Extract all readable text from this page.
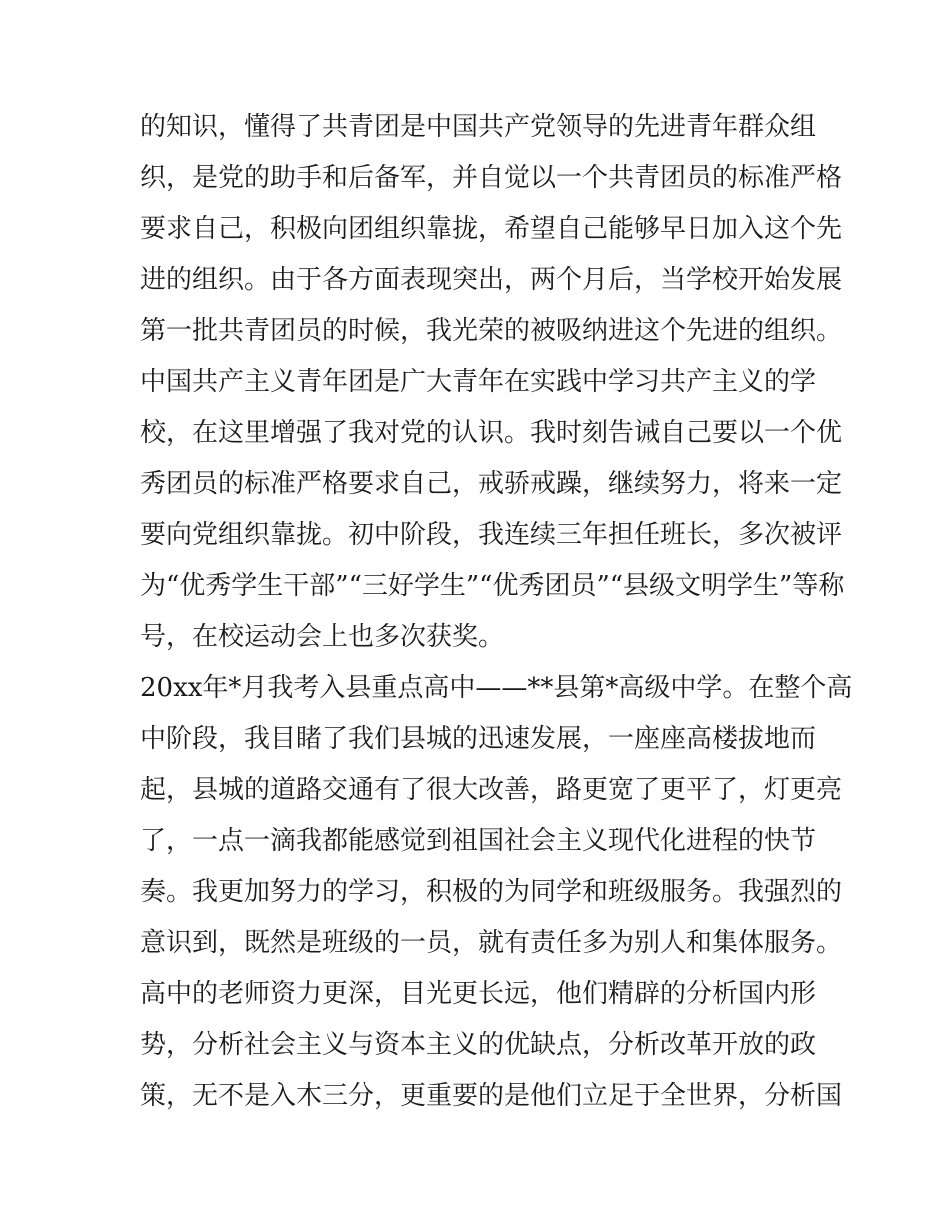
的知识，懂得了共青团是中国共产党领导的先进青年群众组
织，是党的助手和后备军，并自觉以一个共青团员的标准严格
要求自己，积极向团组织靠拢，希望自己能够早日加入这个先
进的组织。由于各方面表现突出，两个月后，当学校开始发展
第一批共青团员的时候，我光荣的被吸纳进这个先进的组织。
中国共产主义青年团是广大青年在实践中学习共产主义的学
校，在这里增强了我对党的认识。我时刻告诫自己要以一个优
秀团员的标准严格要求自己，戒骄戒躁，继续努力，将来一定
要向党组织靠拢。初中阶段，我连续三年担任班长，多次被评
为“优秀学生干部”“三好学生”“优秀团员”“县级文明学生”等称
号，在校运动会上也多次获奖。
20xx年*月我考入县重点高中——**县第*高级中学。在整个高
中阶段，我目睹了我们县城的迅速发展，一座座高楼拔地而
起，县城的道路交通有了很大改善，路更宽了更平了，灯更亮
了，一点一滴我都能感觉到祖国社会主义现代化进程的快节
奏。我更加努力的学习，积极的为同学和班级服务。我强烈的
意识到，既然是班级的一员，就有责任多为别人和集体服务。
高中的老师资力更深，目光更长远，他们精辟的分析国内形
势，分析社会主义与资本主义的优缺点，分析改革开放的政
策，无不是入木三分，更重要的是他们立足于全世界，分析国
